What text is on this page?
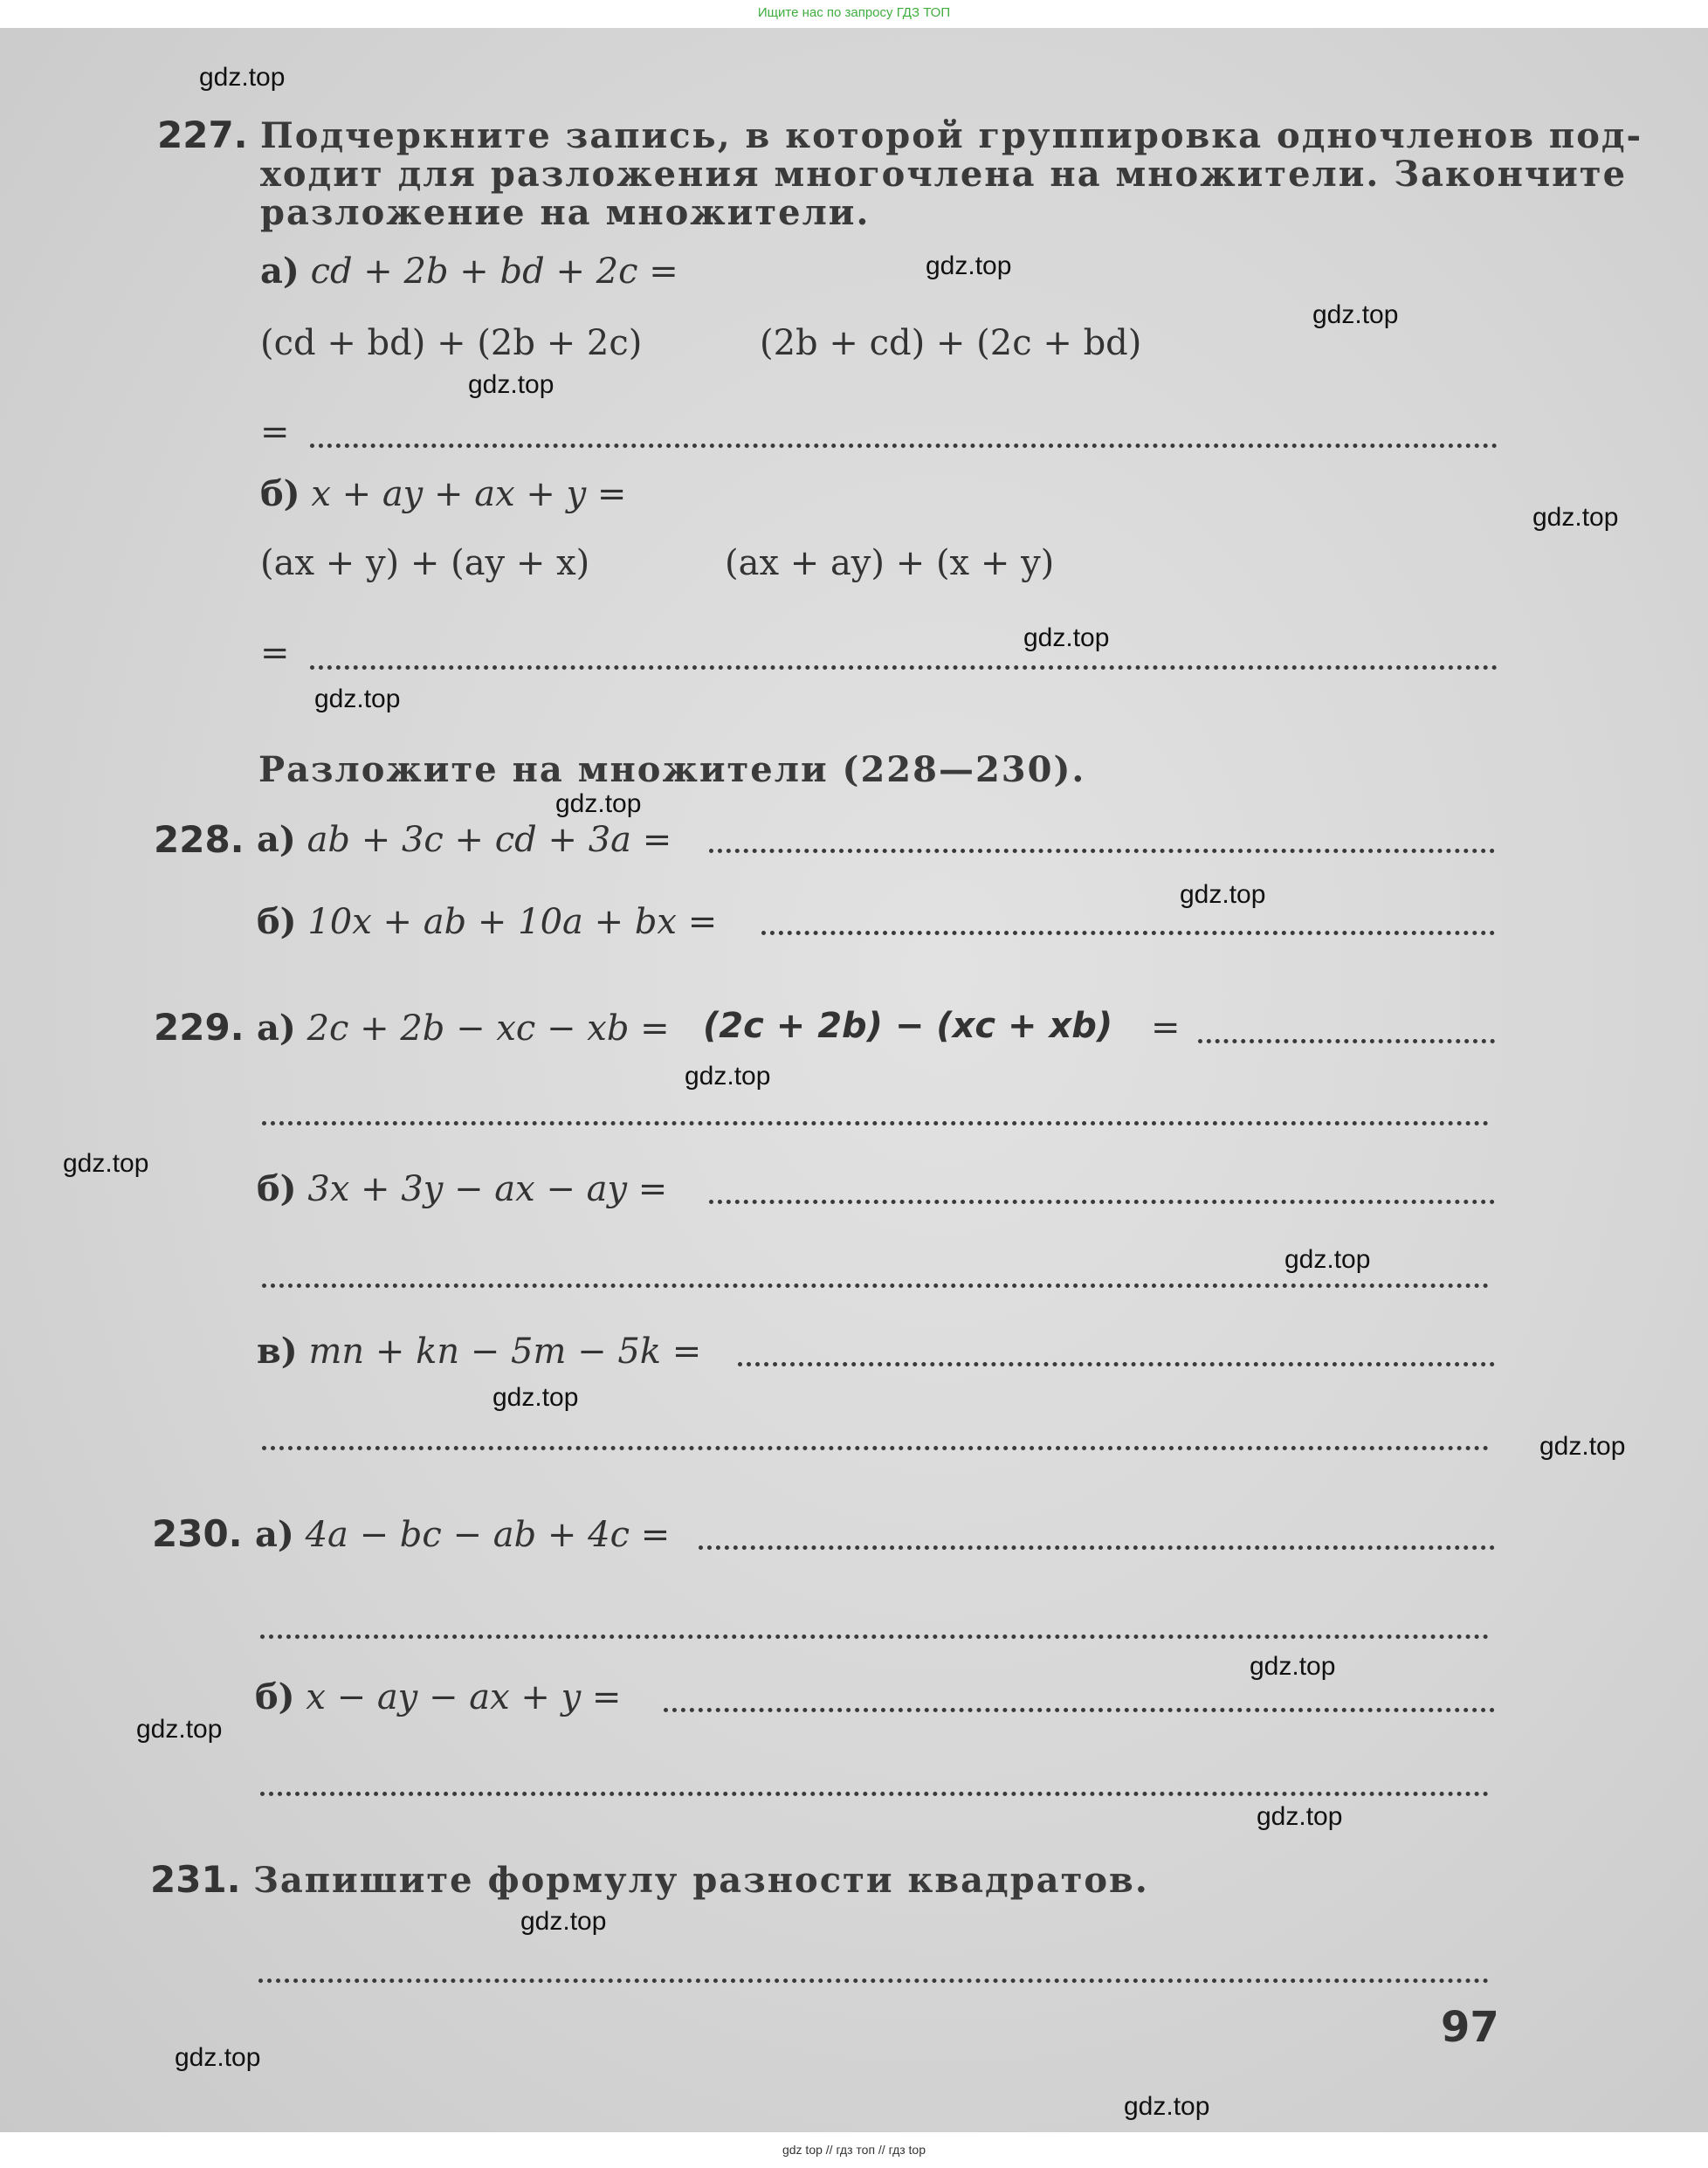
Ищите нас по запросу ГДЗ ТОП
227. Подчеркните запись, в которой группировка одночленов под-
ходит для разложения многочлена на множители. Закончите
разложение на множители.
а) cd + 2b + bd + 2c =
(cd + bd) + (2b + 2c)	(2b + cd) + (2c + bd)
=
б) x + ay + ax + y =
(ax + y) + (ay + x)	(ax + ay) + (x + y)
=
Разложите на множители (228—230).
228. а) ab + 3c + cd + 3a =
б) 10x + ab + 10a + bx =
229. а) 2c + 2b − xc − xb = (2c + 2b) − (xc + xb) =
б) 3x + 3y − ax − ay =
в) mn + kn − 5m − 5k =
230. а) 4a − bc − ab + 4c =
б) x − ay − ax + y =
231. Запишите формулу разности квадратов.
97
gdz.top
gdz.top
gdz.top
gdz.top
gdz.top
gdz.top
gdz.top
gdz.top
gdz.top
gdz.top
gdz.top
gdz.top
gdz.top
gdz.top
gdz.top
gdz.top
gdz.top
gdz.top
gdz.top
gdz.top
gdz top // гдз топ // гдз top
